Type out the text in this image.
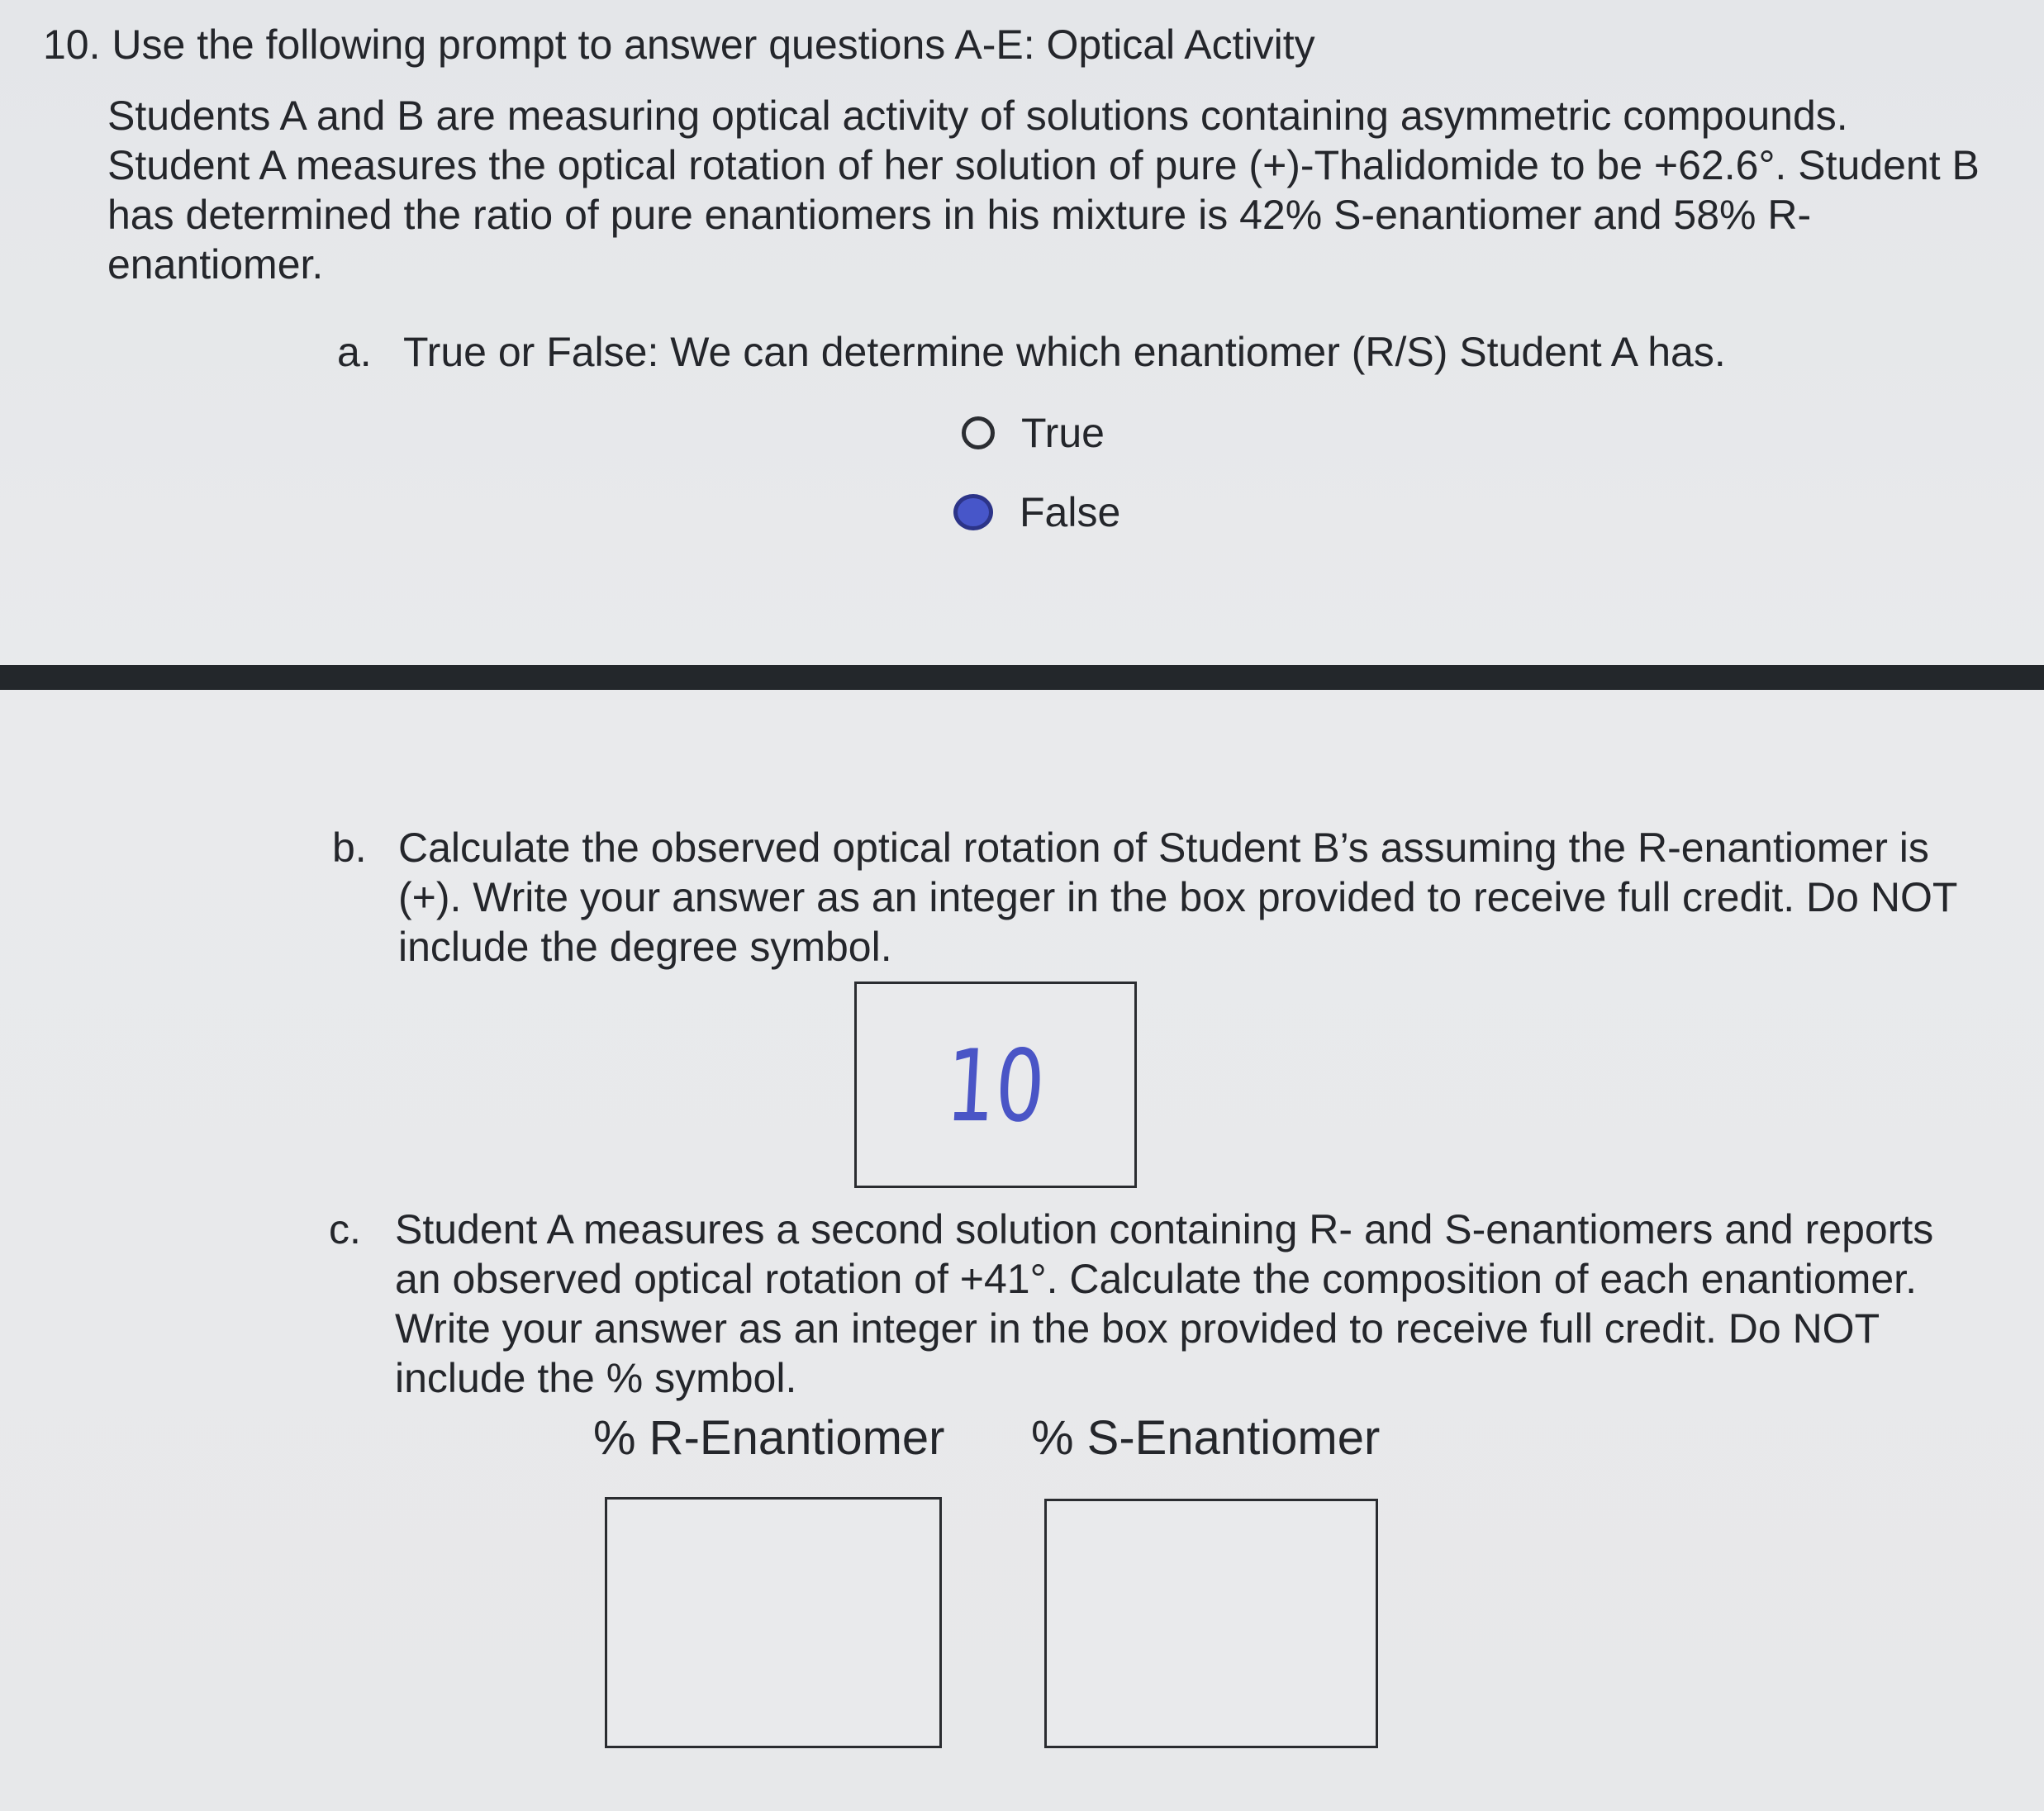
10. Use the following prompt to answer questions A-E: Optical Activity
Students A and B are measuring optical activity of solutions containing asymmetric compounds.
Student A measures the optical rotation of her solution of pure (+)-Thalidomide to be +62.6°. Student B
has determined the ratio of pure enantiomers in his mixture is 42% S-enantiomer and 58% R-
enantiomer.
a. True or False: We can determine which enantiomer (R/S) Student A has.
True
False
b. Calculate the observed optical rotation of Student B’s assuming the R-enantiomer is
(+). Write your answer as an integer in the box provided to receive full credit. Do NOT
include the degree symbol.
10
c. Student A measures a second solution containing R- and S-enantiomers and reports
an observed optical rotation of +41°. Calculate the composition of each enantiomer.
Write your answer as an integer in the box provided to receive full credit. Do NOT
include the % symbol.
% R-Enantiomer % S-Enantiomer
